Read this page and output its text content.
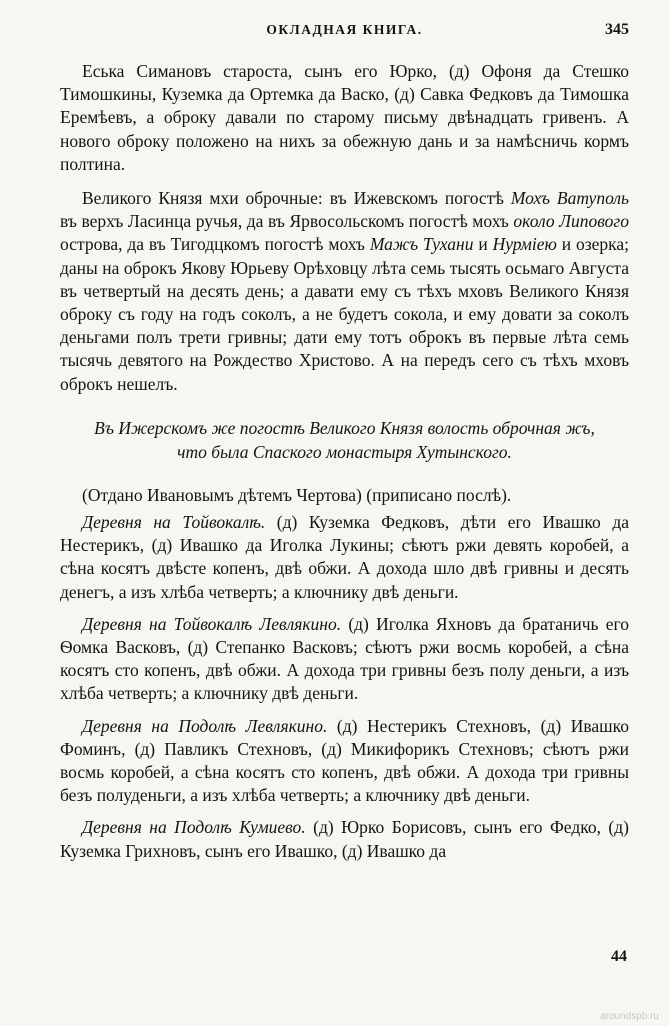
ОКЛАДНАЯ КНИГА.	345

Еська Симановъ староста, сынъ его Юрко, (д) Офоня да Стешко Тимошкины, Куземка да Ортемка да Васко, (д) Савка Федковъ да Тимошка Еремѣевъ, а оброку давали по старому письму двѣнадцать гривенъ. А нового оброку положено на нихъ за обежную дань и за намѣсничь кормъ полтина.

Великого Князя мхи оброчные: въ Ижевскомъ погостѣ Мохъ Ватуполь въ верхъ Ласинца ручья, да въ Ярвосольскомъ погостѣ мохъ около Липового острова, да въ Тигодцкомъ погостѣ мохъ Мажъ Тухани и Нурмiею и озерка; даны на оброкъ Якову Юрьеву Орѣховцу лѣта семь тысять осьмаго Августа въ четвертый на десять день; а давати ему съ тѣхъ мховъ Великого Князя оброку съ году на годъ соколъ, а не будетъ сокола, и ему довати за соколъ деньгами полъ трети гривны; дати ему тотъ оброкъ въ первые лѣта семь тысячь девятого на Рождество Христово. А на передъ сего съ тѣхъ мховъ оброкъ нешелъ.

Въ Ижерскомъ же погостѣ Великого Князя волость оброчная жъ,

что была Спаского монастыря Хутынского.

(Отдано Ивановымъ дѣтемъ Чертова) (приписано послѣ).

Деревня на Тойвокалѣ. (д) Куземка Федковъ, дѣти его Ивашко да Нестерикъ, (д) Ивашко да Иголка Лукины; сѣютъ ржи девять коробей, а сѣна косятъ двѣсте копенъ, двѣ обжи. А дохода шло двѣ гривны и десять денегъ, а изъ хлѣба четверть; а ключнику двѣ деньги.

Деревня на Тойвокалѣ Левлякино. (д) Иголка Яхновъ да братаничь его Ѳомка Васковъ, (д) Степанко Васковъ; сѣютъ ржи восмь коробей, а сѣна косятъ сто копенъ, двѣ обжи. А дохода три гривны безъ полу деньги, а изъ хлѣба четверть; а ключнику двѣ деньги.

Деревня на Подолѣ Левлякино. (д) Нестерикъ Стехновъ, (д) Ивашко Фоминъ, (д) Павликъ Стехновъ, (д) Микифорикъ Стехновъ; сѣютъ ржи восмь коробей, а сѣна косятъ сто копенъ, двѣ обжи. А дохода три гривны безъ полуденьги, а изъ хлѣба четверть; а ключнику двѣ деньги.

Деревня на Подолѣ Кумиево. (д) Юрко Борисовъ, сынъ его Федко, (д) Куземка Грихновъ, сынъ его Ивашко, (д) Ивашко да

44
aroundspb.ru
